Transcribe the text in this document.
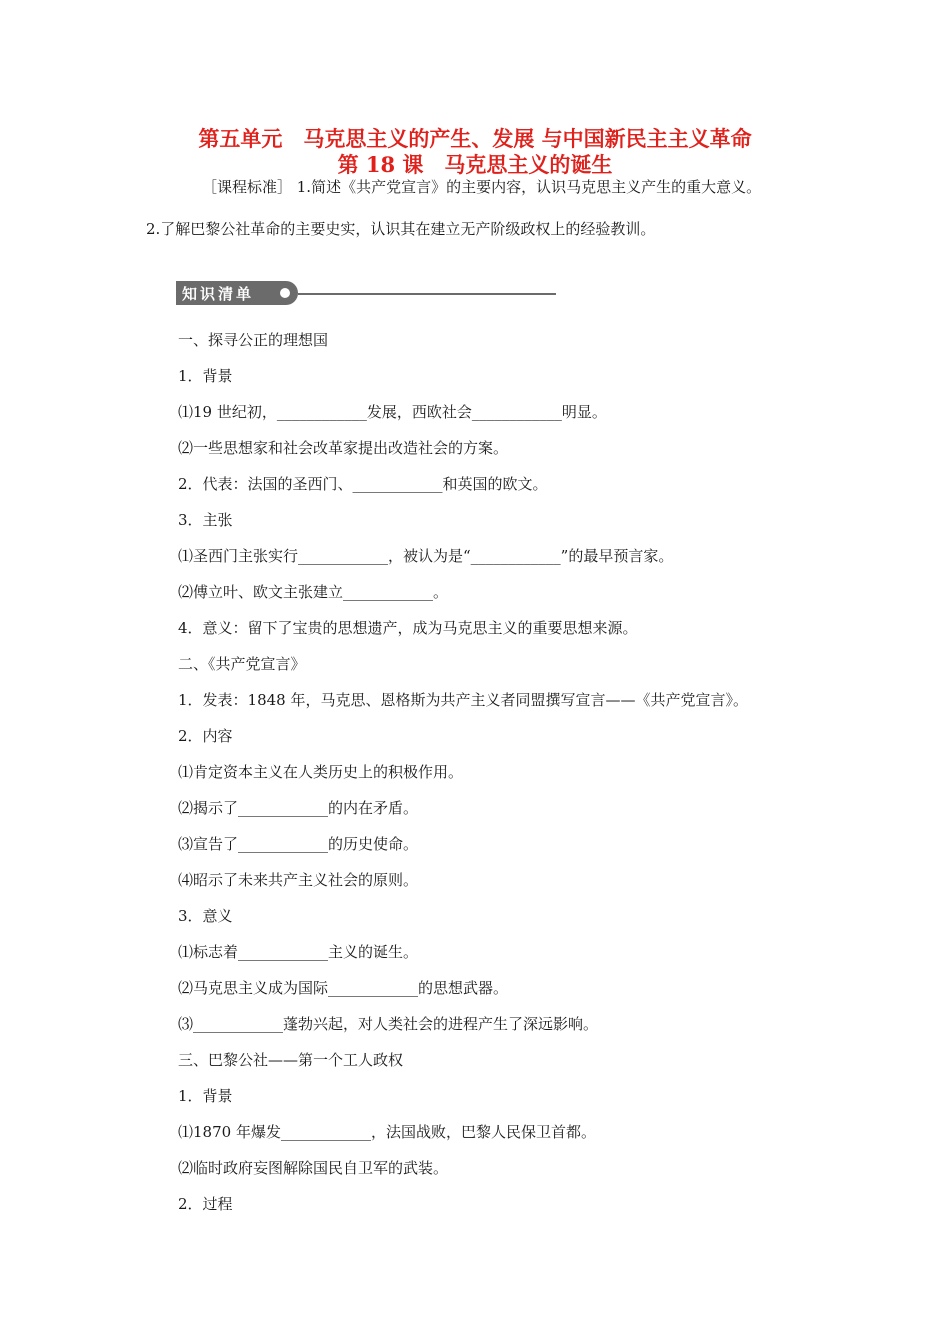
第五单元　马克思主义的产生、发展 与中国新民主主义革命
第 18 课　马克思主义的诞生
［课程标准］ 1.简述《共产党宣言》的主要内容，认识马克思主义产生的重大意义。
2.了解巴黎公社革命的主要史实，认识其在建立无产阶级政权上的经验教训。
知识清单
一、探寻公正的理想国
1．背景
⑴19 世纪初，____________发展，西欧社会____________明显。
⑵一些思想家和社会改革家提出改造社会的方案。
2．代表：法国的圣西门、____________和英国的欧文。
3．主张
⑴圣西门主张实行____________，被认为是“____________”的最早预言家。
⑵傅立叶、欧文主张建立____________。
4．意义：留下了宝贵的思想遗产，成为马克思主义的重要思想来源。
二、《共产党宣言》
1．发表：1848 年，马克思、恩格斯为共产主义者同盟撰写宣言——《共产党宣言》。
2．内容
⑴肯定资本主义在人类历史上的积极作用。
⑵揭示了____________的内在矛盾。
⑶宣告了____________的历史使命。
⑷昭示了未来共产主义社会的原则。
3．意义
⑴标志着____________主义的诞生。
⑵马克思主义成为国际____________的思想武器。
⑶____________蓬勃兴起，对人类社会的进程产生了深远影响。
三、巴黎公社——第一个工人政权
1．背景
⑴1870 年爆发____________，法国战败，巴黎人民保卫首都。
⑵临时政府妄图解除国民自卫军的武装。
2．过程
